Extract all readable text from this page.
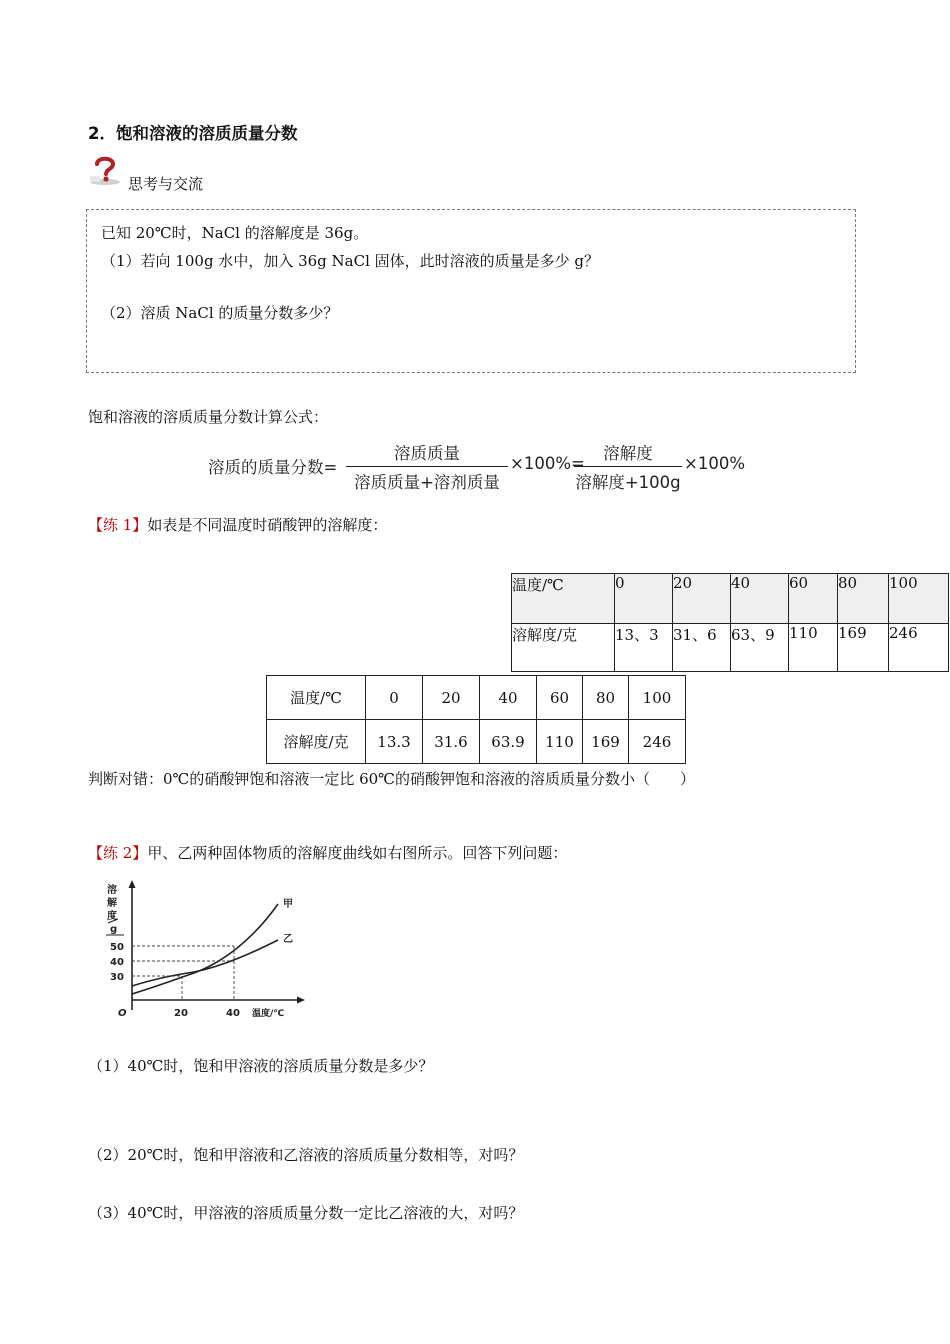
2．饱和溶液的溶质质量分数
思考与交流
已知 20℃时，NaCl 的溶解度是 36g。
（1）若向 100g 水中，加入 36g NaCl 固体，此时溶液的质量是多少 g？
（2）溶质 NaCl 的质量分数多少？
饱和溶液的溶质质量分数计算公式：
溶质的质量分数=
溶质质量
溶质质量+溶剂质量
×100%=
溶解度
溶解度+100g
×100%
【练 1】如表是不同温度时硝酸钾的溶解度：
温度/℃	0	20	40	60	80	100
溶解度/克	13、3	31、6	63、9	110	169	246
温度/℃	0	20	40	60	80	100
溶解度/克	13.3	31.6	63.9	110	169	246
判断对错：0℃的硝酸钾饱和溶液一定比 60℃的硝酸钾饱和溶液的溶质质量分数小（　　）
【练 2】甲、乙两种固体物质的溶解度曲线如右图所示。回答下列问题：
溶
解
度
g
50
40
30
甲
乙
O	20	40 温度/℃
（1）40℃时，饱和甲溶液的溶质质量分数是多少？
（2）20℃时，饱和甲溶液和乙溶液的溶质质量分数相等，对吗？
（3）40℃时，甲溶液的溶质质量分数一定比乙溶液的大，对吗？
